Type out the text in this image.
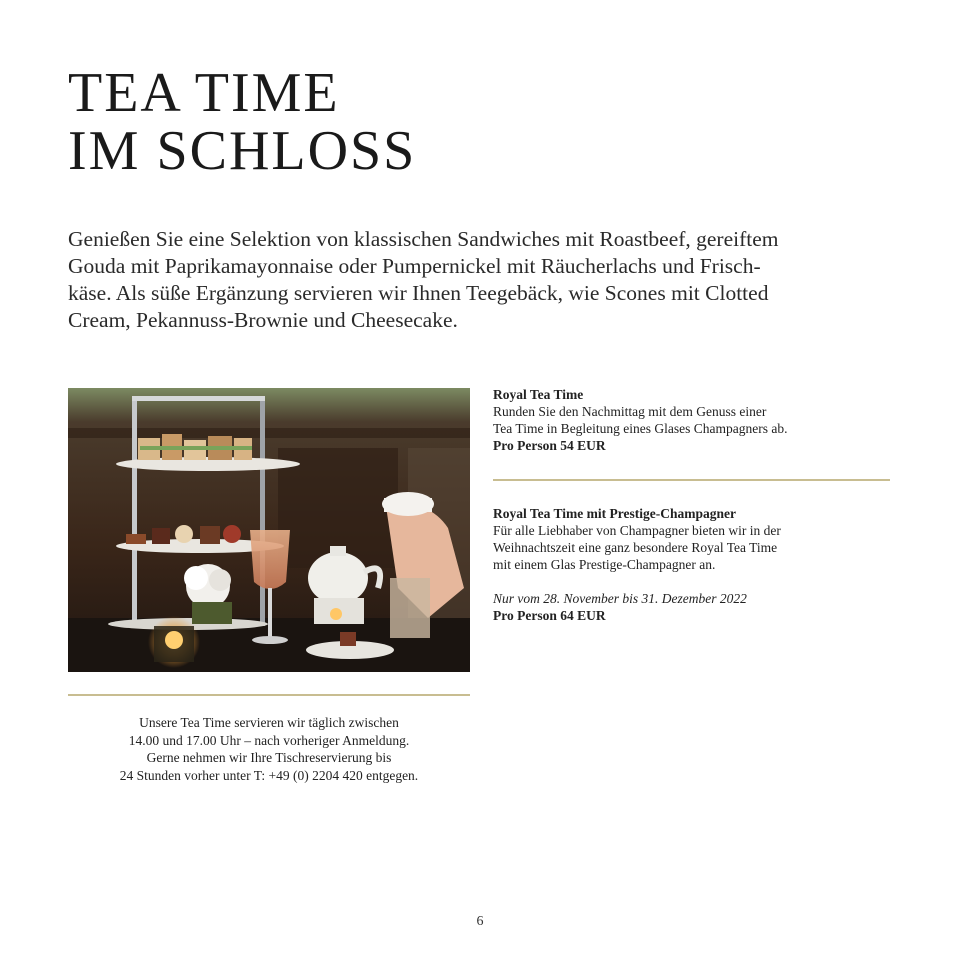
TEA TIME
IM SCHLOSS

Genießen Sie eine Selektion von klassischen Sandwiches mit Roastbeef, gereiftem
Gouda mit Paprikamayonnaise oder Pumpernickel mit Räucherlachs und Frisch-
käse. Als süße Ergänzung servieren wir Ihnen Teegebäck, wie Scones mit Clotted
Cream, Pekannuss-Brownie und Cheesecake.

Royal Tea Time
Runden Sie den Nachmittag mit dem Genuss einer
Tea Time in Begleitung eines Glases Champagners ab.
Pro Person 54 EUR
Royal Tea Time mit Prestige-Champagner
Für alle Liebhaber von Champagner bieten wir in der
Weihnachtszeit eine ganz besondere Royal Tea Time
mit einem Glas Prestige-Champagner an.
Nur vom 28. November bis 31. Dezember 2022
Pro Person 64 EUR
Unsere Tea Time servieren wir täglich zwischen
14.00 und 17.00 Uhr – nach vorheriger Anmeldung.
Gerne nehmen wir Ihre Tischreservierung bis
24 Stunden vorher unter T: +49 (0) 2204 420 entgegen.
6
